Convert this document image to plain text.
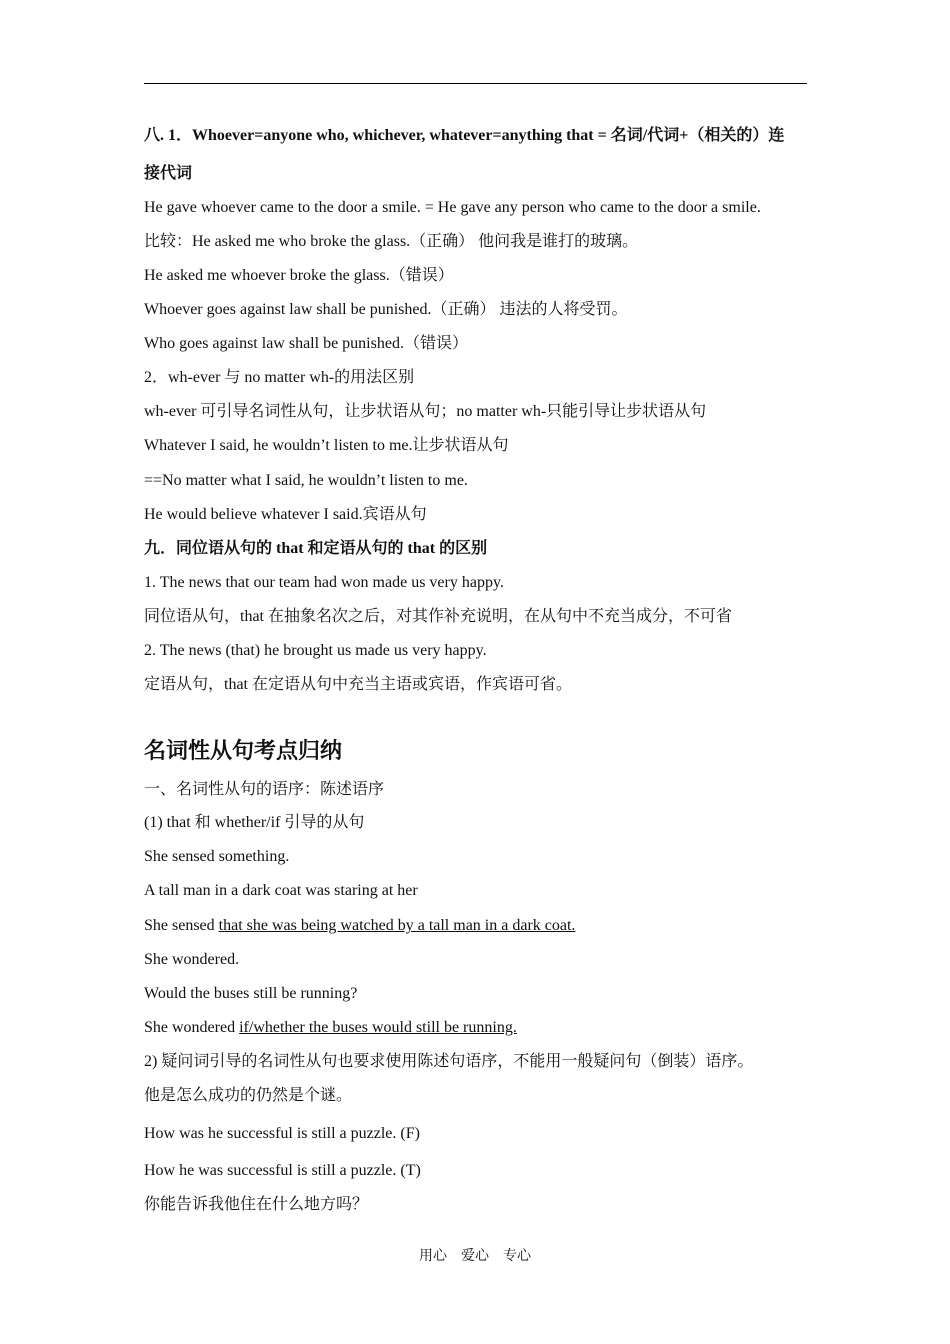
八. 1．Whoever=anyone who, whichever, whatever=anything that = 名词/代词+（相关的）连
接代词
He gave whoever came to the door a smile. = He gave any person who came to the door a smile.
比较：He asked me who broke the glass.（正确） 他问我是谁打的玻璃。
He asked me whoever broke the glass.（错误）
Whoever goes against law shall be punished.（正确） 违法的人将受罚。
Who goes against law shall be punished.（错误）
2．wh-ever 与 no matter wh-的用法区别
wh-ever 可引导名词性从句，让步状语从句；no matter wh-只能引导让步状语从句
Whatever I said, he wouldn’t listen to me.让步状语从句
==No matter what I said, he wouldn’t listen to me.
He would believe whatever I said.宾语从句
九．同位语从句的 that 和定语从句的 that 的区别
1. The news that our team had won made us very happy.
同位语从句，that 在抽象名次之后，对其作补充说明，在从句中不充当成分，不可省
2. The news (that) he brought us made us very happy.
定语从句，that 在定语从句中充当主语或宾语，作宾语可省。
名词性从句考点归纳
一、名词性从句的语序：陈述语序
(1) that 和 whether/if 引导的从句
She sensed something.
A tall man in a dark coat was staring at her
She sensed that she was being watched by a tall man in a dark coat.
She wondered.
Would the buses still be running?
She wondered if/whether the buses would still be running.
2) 疑问词引导的名词性从句也要求使用陈述句语序，不能用一般疑问句（倒装）语序。
他是怎么成功的仍然是个谜。
How was he successful is still a puzzle. (F)
How he was successful is still a puzzle. (T)
你能告诉我他住在什么地方吗？
用心　爱心　专心
